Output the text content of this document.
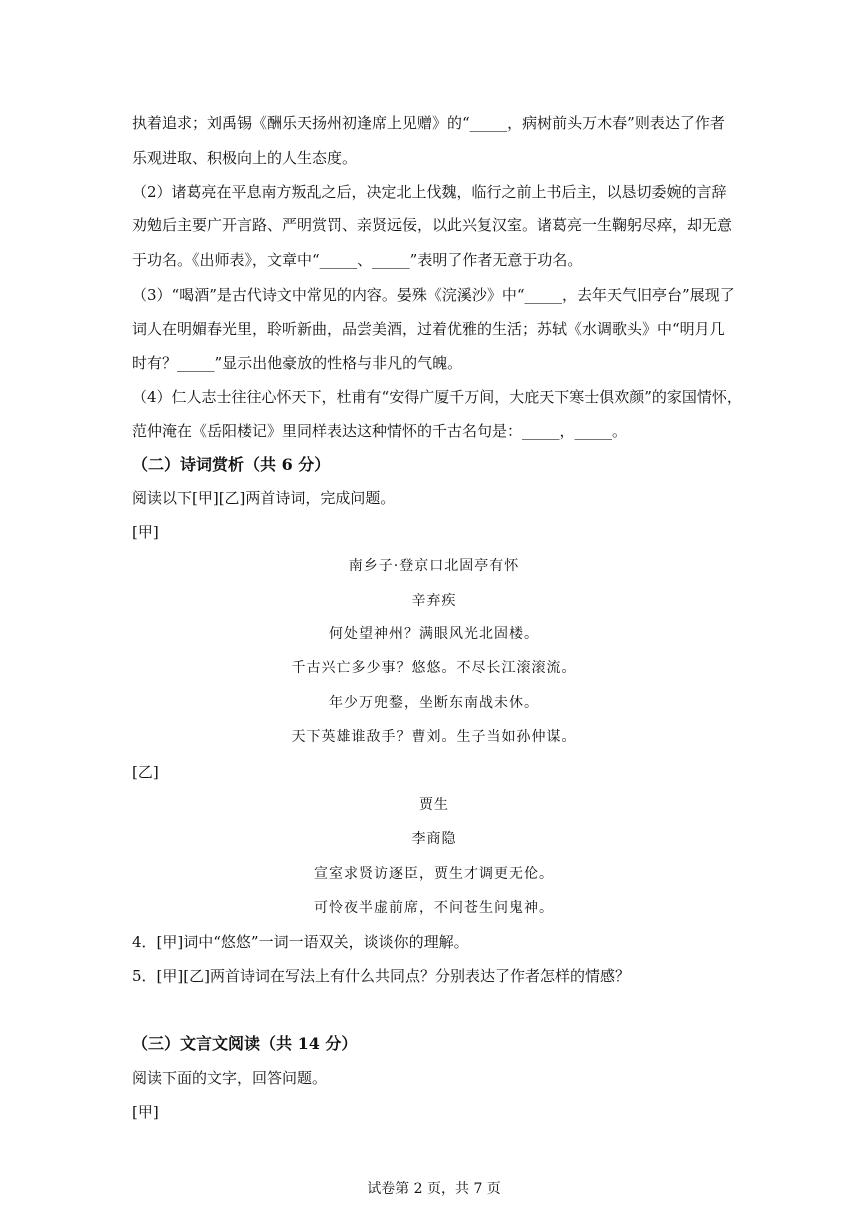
执着追求；刘禹锡《酬乐天扬州初逢席上见赠》的“_____，病树前头万木春”则表达了作者
乐观进取、积极向上的人生态度。
（2）诸葛亮在平息南方叛乱之后，决定北上伐魏，临行之前上书后主，以恳切委婉的言辞
劝勉后主要广开言路、严明赏罚、亲贤远佞，以此兴复汉室。诸葛亮一生鞠躬尽瘁，却无意
于功名。《出师表》，文章中“_____、_____”表明了作者无意于功名。
（3）“喝酒”是古代诗文中常见的内容。晏殊《浣溪沙》中“_____，去年天气旧亭台”展现了
词人在明媚春光里，聆听新曲，品尝美酒，过着优雅的生活；苏轼《水调歌头》中“明月几
时有？_____”显示出他豪放的性格与非凡的气魄。
（4）仁人志士往往心怀天下，杜甫有“安得广厦千万间，大庇天下寒士俱欢颜”的家国情怀，
范仲淹在《岳阳楼记》里同样表达这种情怀的千古名句是：_____，_____。
（二）诗词赏析（共 6 分）
阅读以下[甲][乙]两首诗词，完成问题。
[甲]
南乡子·登京口北固亭有怀
辛弃疾
何处望神州？满眼风光北固楼。
千古兴亡多少事？悠悠。不尽长江滚滚流。
年少万兜鍪，坐断东南战未休。
天下英雄谁敌手？曹刘。生子当如孙仲谋。
[乙]
贾生
李商隐
宣室求贤访逐臣，贾生才调更无伦。
可怜夜半虚前席，不问苍生问鬼神。
4．[甲]词中“悠悠”一词一语双关，谈谈你的理解。
5．[甲][乙]两首诗词在写法上有什么共同点？分别表达了作者怎样的情感？
（三）文言文阅读（共 14 分）
阅读下面的文字，回答问题。
[甲]
试卷第 2 页，共 7 页
